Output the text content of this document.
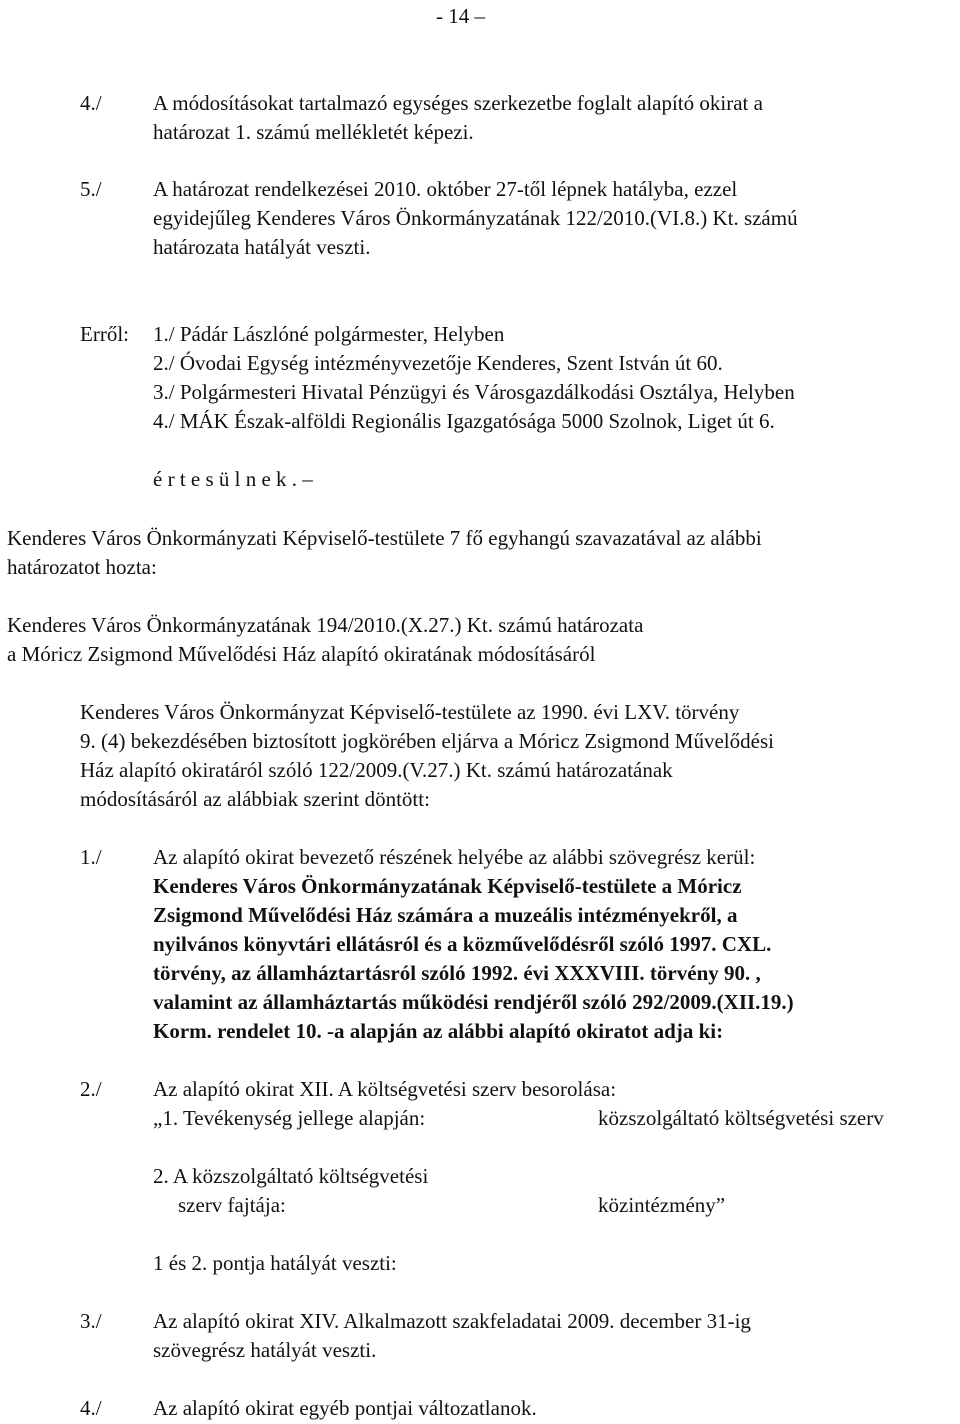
- 14 –
4./ A módosításokat tartalmazó egységes szerkezetbe foglalt alapító okirat a
határozat 1. számú mellékletét képezi.
5./ A határozat rendelkezései 2010. október 27-től lépnek hatályba, ezzel
egyidejűleg Kenderes Város Önkormányzatának 122/2010.(VI.8.) Kt. számú
határozata hatályát veszti.
Erről: 1./ Pádár Lászlóné polgármester, Helyben
2./ Óvodai Egység intézményvezetője Kenderes, Szent István út 60.
3./ Polgármesteri Hivatal Pénzügyi és Városgazdálkodási Osztálya, Helyben
4./ MÁK Észak-alföldi Regionális Igazgatósága 5000 Szolnok, Liget út 6.
é r t e s ü l n e k . –
Kenderes Város Önkormányzati Képviselő-testülete 7 fő egyhangú szavazatával az alábbi
határozatot hozta:
Kenderes Város Önkormányzatának 194/2010.(X.27.) Kt. számú határozata
a Móricz Zsigmond Művelődési Ház alapító okiratának módosításáról
Kenderes Város Önkormányzat Képviselő-testülete az 1990. évi LXV. törvény
9. (4) bekezdésében biztosított jogkörében eljárva a Móricz Zsigmond Művelődési
Ház alapító okiratáról szóló 122/2009.(V.27.) Kt. számú határozatának
módosításáról az alábbiak szerint döntött:
1./ Az alapító okirat bevezető részének helyébe az alábbi szövegrész kerül:
Kenderes Város Önkormányzatának Képviselő-testülete a Móricz
Zsigmond Művelődési Ház számára a muzeális intézményekről, a
nyilvános könyvtári ellátásról és a közművelődésről szóló 1997. CXL.
törvény, az államháztartásról szóló 1992. évi XXXVIII. törvény 90. ,
valamint az államháztartás működési rendjéről szóló 292/2009.(XII.19.)
Korm. rendelet 10. -a alapján az alábbi alapító okiratot adja ki:
2./ Az alapító okirat XII. A költségvetési szerv besorolása:
„1. Tevékenység jellege alapján:	közszolgáltató költségvetési szerv
2. A közszolgáltató költségvetési
szerv fajtája:	közintézmény”
1 és 2. pontja hatályát veszti:
3./ Az alapító okirat XIV. Alkalmazott szakfeladatai 2009. december 31-ig
szövegrész hatályát veszti.
4./ Az alapító okirat egyéb pontjai változatlanok.
